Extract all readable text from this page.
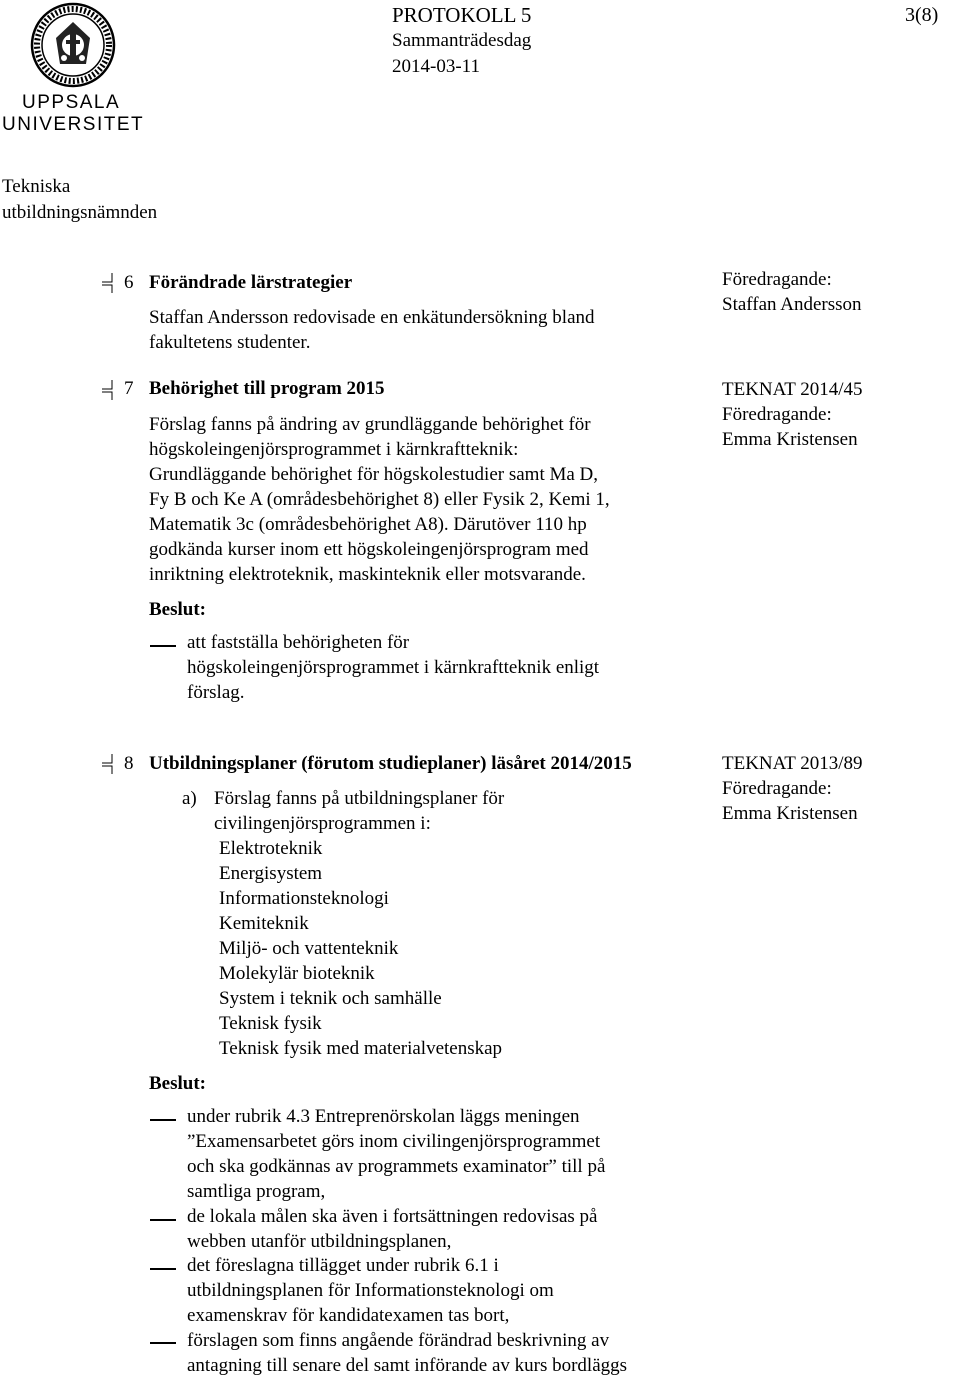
UPPSALA
UNIVERSITET
PROTOKOLL 5
Sammanträdesdag
2014-03-11
3(8)
Tekniska
utbildningsnämnden
6 Förändrade lärstrategier
Staffan Andersson redovisade en enkätundersökning bland
fakultetens studenter.
Föredragande:
Staffan Andersson
7 Behörighet till program 2015
Förslag fanns på ändring av grundläggande behörighet för
högskoleingenjörsprogrammet i kärnkraftteknik:
Grundläggande behörighet för högskolestudier samt Ma D,
Fy B och Ke A (områdesbehörighet 8) eller Fysik 2, Kemi 1,
Matematik 3c (områdesbehörighet A8). Därutöver 110 hp
godkända kurser inom ett högskoleingenjörsprogram med
inriktning elektroteknik, maskinteknik eller motsvarande.
Beslut:
att fastställa behörigheten för
högskoleingenjörsprogrammet i kärnkraftteknik enligt
förslag.
TEKNAT 2014/45
Föredragande:
Emma Kristensen
8 Utbildningsplaner (förutom studieplaner) läsåret 2014/2015
a) Förslag fanns på utbildningsplaner för
civilingenjörsprogrammen i:
Elektroteknik
Energisystem
Informationsteknologi
Kemiteknik
Miljö- och vattenteknik
Molekylär bioteknik
System i teknik och samhälle
Teknisk fysik
Teknisk fysik med materialvetenskap
Beslut:
under rubrik 4.3 Entreprenörskolan läggs meningen
”Examensarbetet görs inom civilingenjörsprogrammet
och ska godkännas av programmets examinator” till på
samtliga program,
de lokala målen ska även i fortsättningen redovisas på
webben utanför utbildningsplanen,
det föreslagna tillägget under rubrik 6.1 i
utbildningsplanen för Informationsteknologi om
examenskrav för kandidatexamen tas bort,
förslagen som finns angående förändrad beskrivning av
antagning till senare del samt införande av kurs bordläggs
TEKNAT 2013/89
Föredragande:
Emma Kristensen
